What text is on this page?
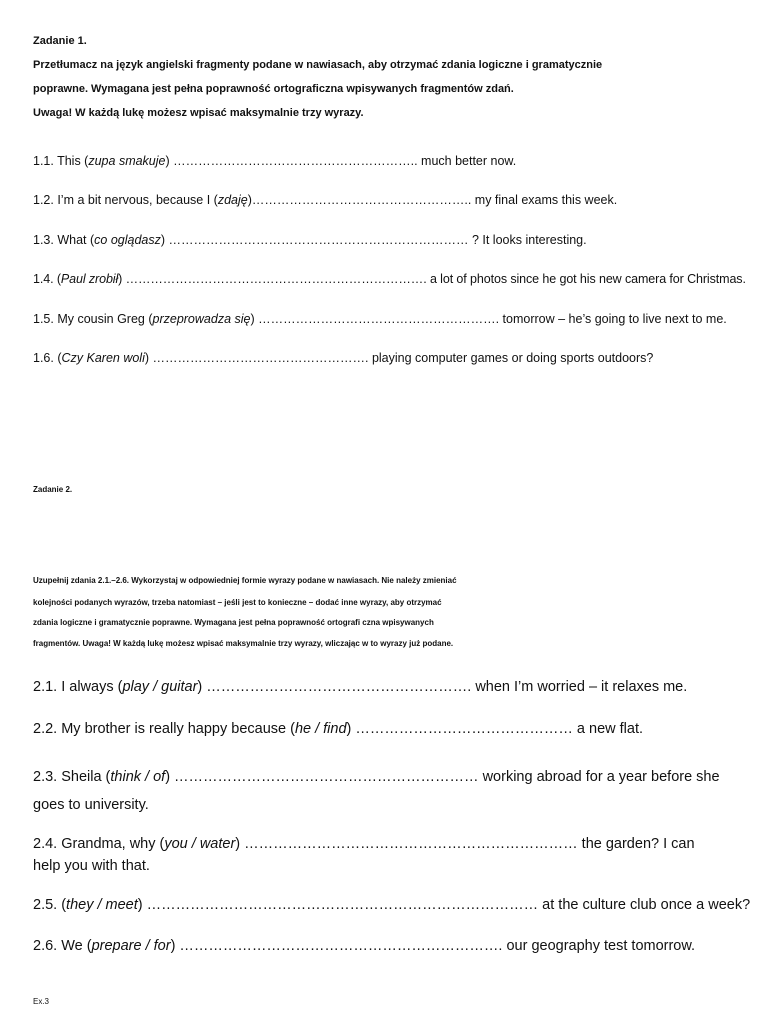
Zadanie 1.
Przetłumacz na język angielski fragmenty podane w nawiasach, aby otrzymać zdania logiczne i gramatycznie
poprawne. Wymagana jest pełna poprawność ortograficzna wpisywanych fragmentów zdań.
Uwaga! W każdą lukę możesz wpisać maksymalnie trzy wyrazy.
1.1. This (zupa smakuje) ………………………………………………….. much better now.
1.2. I’m a bit nervous, because I (zdaję)…………………………………………….. my final exams this week.
1.3. What (co oglądasz) ……………………………………………………………… ? It looks interesting.
1.4. (Paul zrobił) ………………………………………………………………. a lot of photos since he got his new camera for Christmas.
1.5. My cousin Greg (przeprowadza się) …………………………………………………. tomorrow – he’s going to live next to me.
1.6. (Czy Karen woli) ……………………………………………. playing computer games or doing sports outdoors?
Zadanie 2.
Uzupełnij zdania 2.1.–2.6. Wykorzystaj w odpowiedniej formie wyrazy podane w nawiasach. Nie należy zmieniać
kolejności podanych wyrazów, trzeba natomiast – jeśli jest to konieczne – dodać inne wyrazy, aby otrzymać
zdania logiczne i gramatycznie poprawne. Wymagana jest pełna poprawność ortografi czna wpisywanych
fragmentów. Uwaga! W każdą lukę możesz wpisać maksymalnie trzy wyrazy, wliczając w to wyrazy już podane.
2.1. I always (play / guitar) ………………………………………………. when I’m worried – it relaxes me.
2.2. My brother is really happy because (he / find) ……………………………………… a new flat.
2.3. Sheila (think / of) ……………………………………………………… working abroad for a year before she goes to university.
2.4. Grandma, why (you / water) …………………………………………………………… the garden? I can help you with that.
2.5. (they / meet) ……………………………………………………………………… at the culture club once a week?
2.6. We (prepare / for) …………………………………………………………. our geography test tomorrow.
Ex.3
